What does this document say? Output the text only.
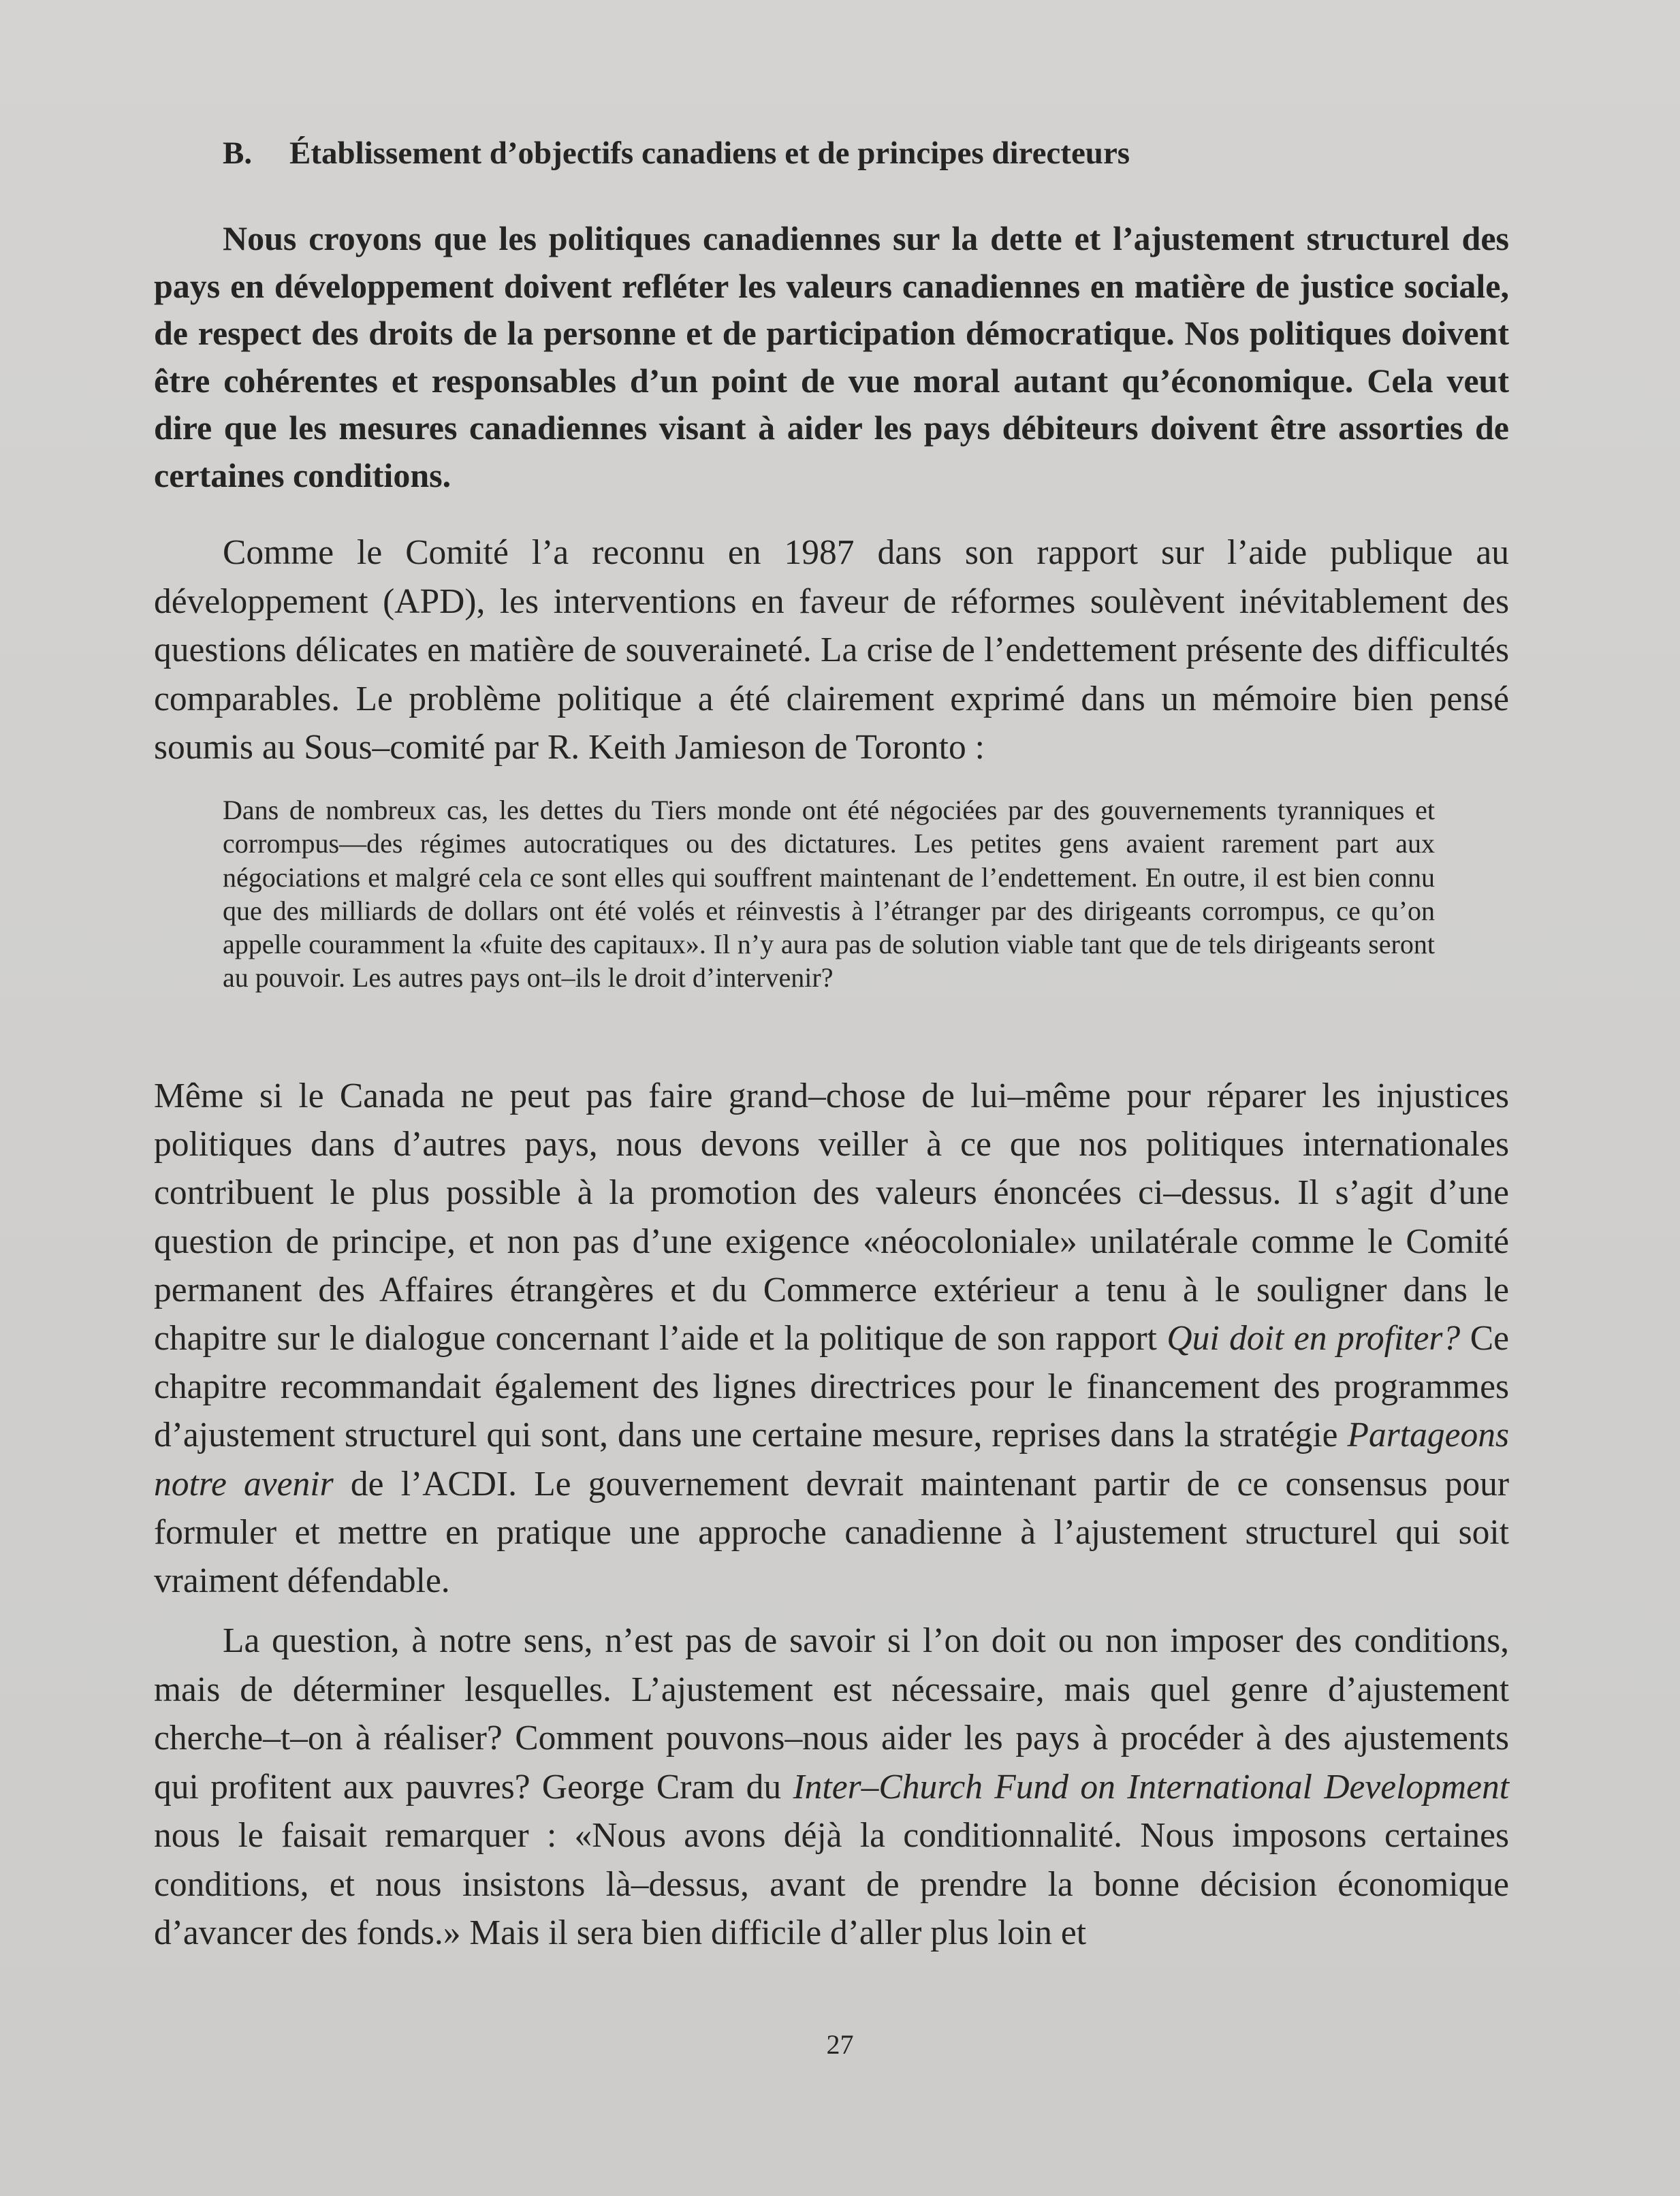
B. Établissement d’objectifs canadiens et de principes directeurs

Nous croyons que les politiques canadiennes sur la dette et l’ajustement structurel des pays en développement doivent refléter les valeurs canadiennes en matière de justice sociale, de respect des droits de la personne et de participation démocratique. Nos politiques doivent être cohérentes et responsables d’un point de vue moral autant qu’économique. Cela veut dire que les mesures canadiennes visant à aider les pays débiteurs doivent être assorties de certaines conditions.

Comme le Comité l’a reconnu en 1987 dans son rapport sur l’aide publique au développement (APD), les interventions en faveur de réformes soulèvent inévitablement des questions délicates en matière de souveraineté. La crise de l’endettement présente des difficultés comparables. Le problème politique a été clairement exprimé dans un mémoire bien pensé soumis au Sous–comité par R. Keith Jamieson de Toronto :

Dans de nombreux cas, les dettes du Tiers monde ont été négociées par des gouvernements tyranniques et corrompus—des régimes autocratiques ou des dictatures. Les petites gens avaient rarement part aux négociations et malgré cela ce sont elles qui souffrent maintenant de l’endettement. En outre, il est bien connu que des milliards de dollars ont été volés et réinvestis à l’étranger par des dirigeants corrompus, ce qu’on appelle couramment la «fuite des capitaux». Il n’y aura pas de solution viable tant que de tels dirigeants seront au pouvoir. Les autres pays ont–ils le droit d’intervenir?

Même si le Canada ne peut pas faire grand–chose de lui–même pour réparer les injustices politiques dans d’autres pays, nous devons veiller à ce que nos politiques internationales contribuent le plus possible à la promotion des valeurs énoncées ci–dessus. Il s’agit d’une question de principe, et non pas d’une exigence «néocoloniale» unilatérale comme le Comité permanent des Affaires étrangères et du Commerce extérieur a tenu à le souligner dans le chapitre sur le dialogue concernant l’aide et la politique de son rapport Qui doit en profiter? Ce chapitre recommandait également des lignes directrices pour le financement des programmes d’ajustement structurel qui sont, dans une certaine mesure, reprises dans la stratégie Partageons notre avenir de l’ACDI. Le gouvernement devrait maintenant partir de ce consensus pour formuler et mettre en pratique une approche canadienne à l’ajustement structurel qui soit vraiment défendable.

La question, à notre sens, n’est pas de savoir si l’on doit ou non imposer des conditions, mais de déterminer lesquelles. L’ajustement est nécessaire, mais quel genre d’ajustement cherche–t–on à réaliser? Comment pouvons–nous aider les pays à procéder à des ajustements qui profitent aux pauvres? George Cram du Inter–Church Fund on International Development nous le faisait remarquer : «Nous avons déjà la conditionnalité. Nous imposons certaines conditions, et nous insistons là–dessus, avant de prendre la bonne décision économique d’avancer des fonds.» Mais il sera bien difficile d’aller plus loin et

27
